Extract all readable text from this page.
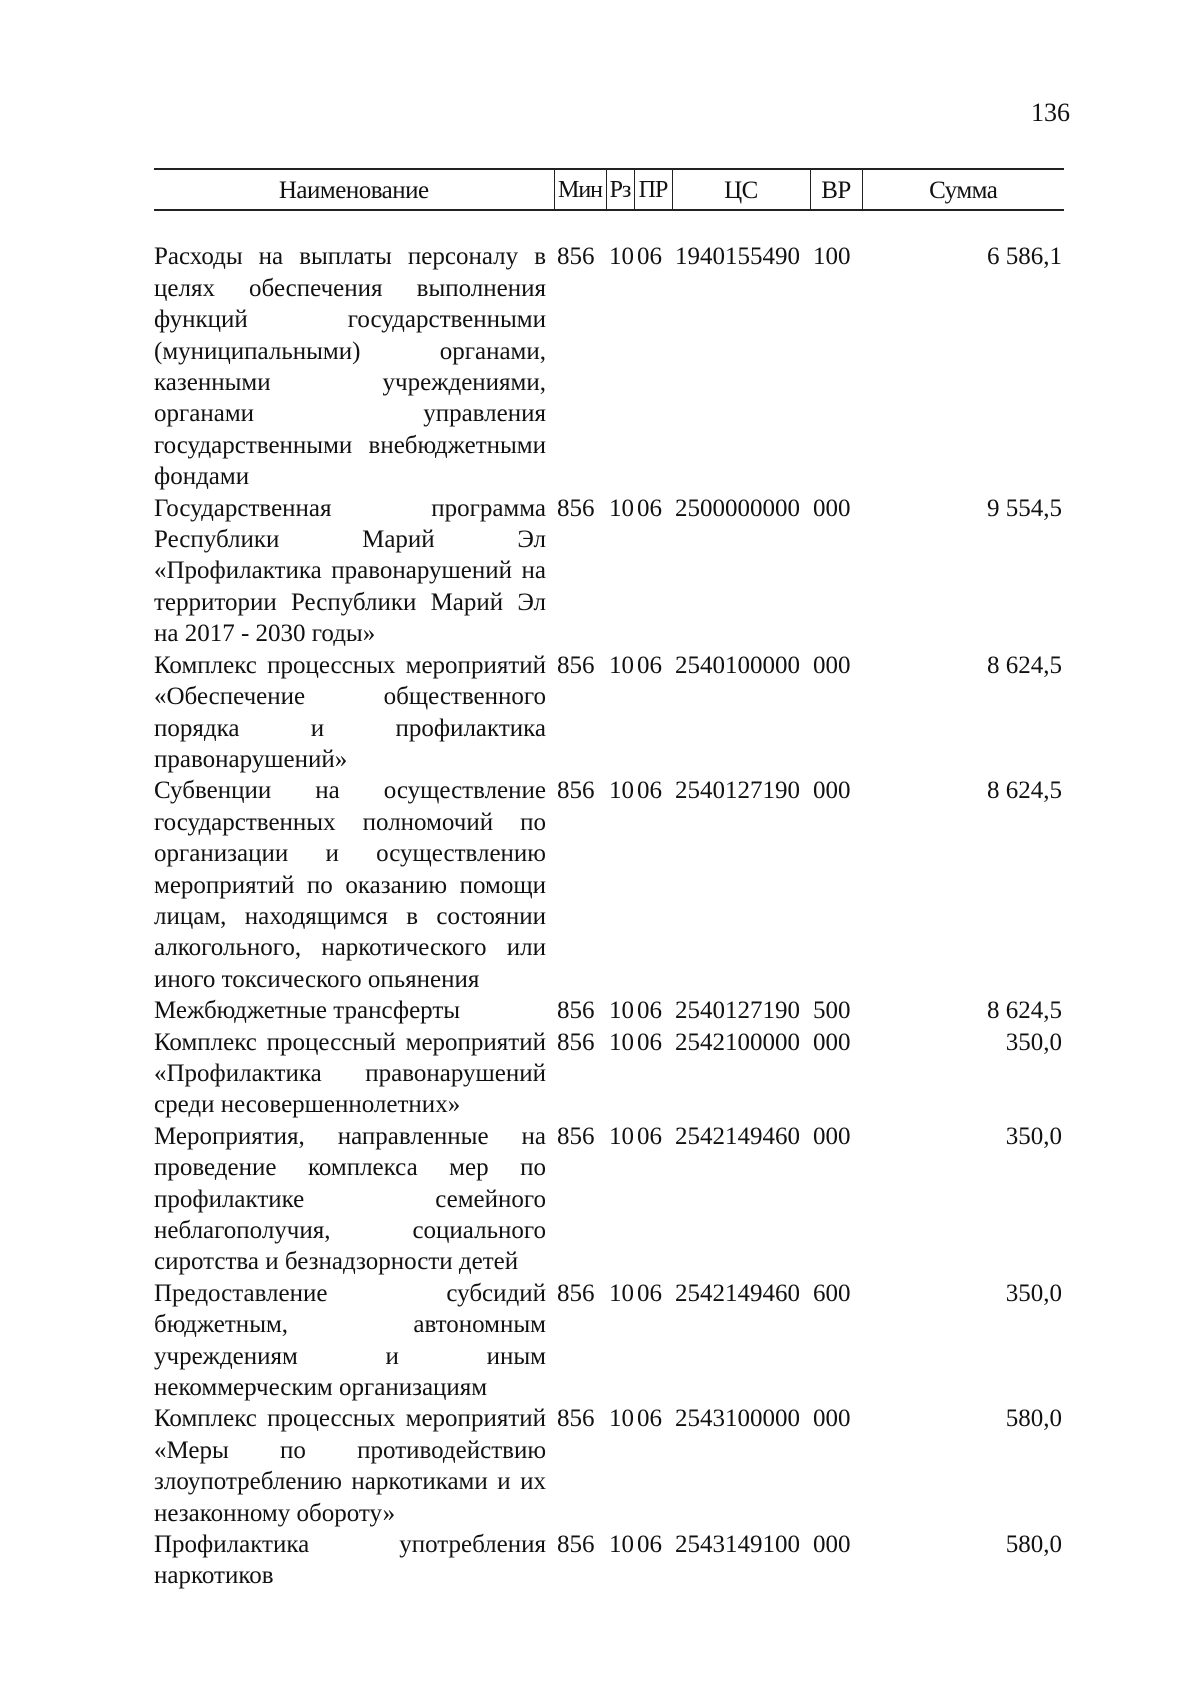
136
Наименование	Мин	Рз	ПР	ЦС	ВР	Сумма

Расходы на выплаты персоналу в целях обеспечения выполнения функций государственными (муниципальными) органами, казенными учреждениями, органами управления государственными внебюджетными фондами	856	10	06	1940155490	100	6 586,1
Государственная программа Республики Марий Эл «Профилактика правонарушений на территории Республики Марий Эл на 2017 - 2030 годы»	856	10	06	2500000000	000	9 554,5
Комплекс процессных мероприятий «Обеспечение общественного порядка и профилактика правонарушений»	856	10	06	2540100000	000	8 624,5
Субвенции на осуществление государственных полномочий по организации и осуществлению мероприятий по оказанию помощи лицам, находящимся в состоянии алкогольного, наркотического или иного токсического опьянения	856	10	06	2540127190	000	8 624,5
Межбюджетные трансферты	856	10	06	2540127190	500	8 624,5
Комплекс процессный мероприятий «Профилактика правонарушений среди несовершеннолетних»	856	10	06	2542100000	000	350,0
Мероприятия, направленные на проведение комплекса мер по профилактике семейного неблагополучия, социального сиротства и безнадзорности детей	856	10	06	2542149460	000	350,0
Предоставление субсидий бюджетным, автономным учреждениям и иным некоммерческим организациям	856	10	06	2542149460	600	350,0
Комплекс процессных мероприятий «Меры по противодействию злоупотреблению наркотиками и их незаконному обороту»	856	10	06	2543100000	000	580,0
Профилактика употребления наркотиков	856	10	06	2543149100	000	580,0
